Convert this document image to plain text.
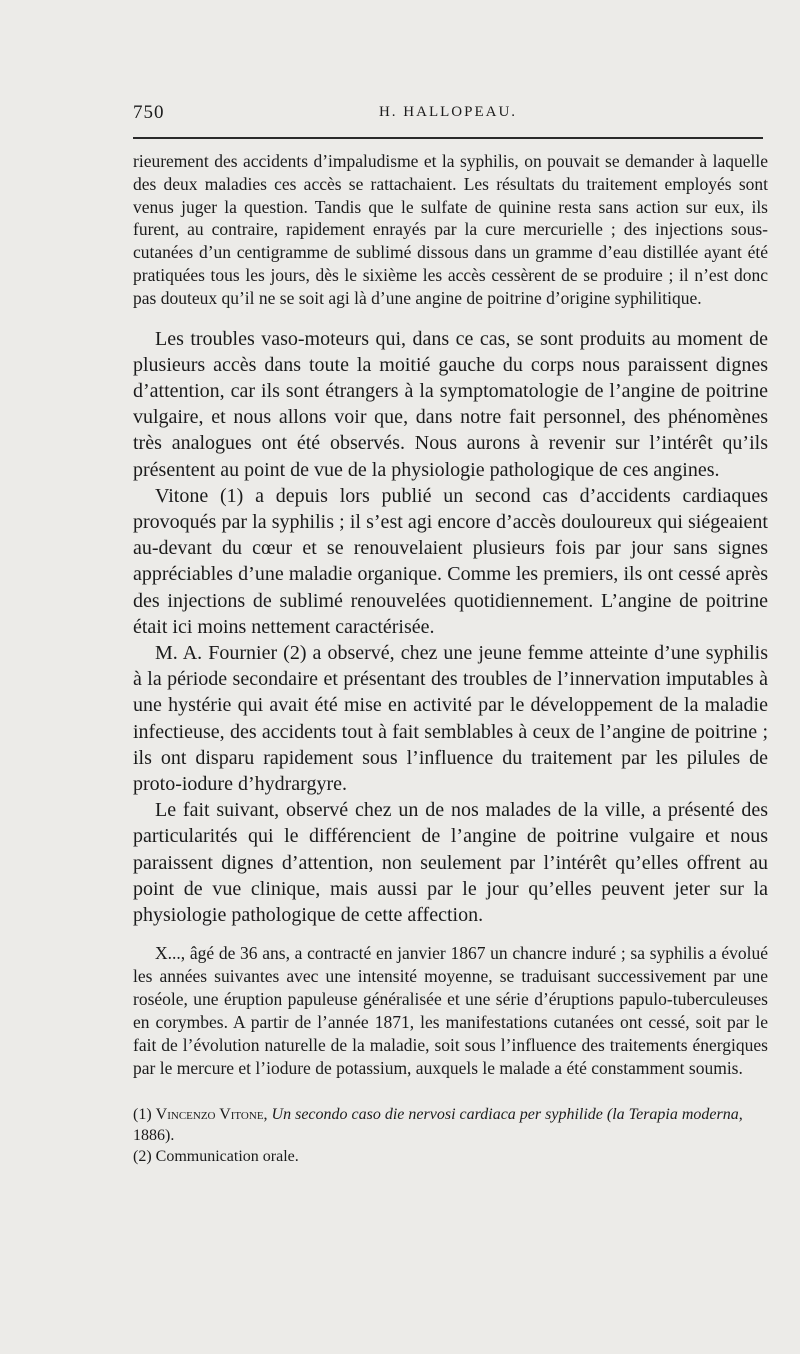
750	H. HALLOPEAU.

rieurement des accidents d’impaludisme et la syphilis, on pouvait se demander à laquelle des deux maladies ces accès se rattachaient. Les résultats du traitement employés sont venus juger la question. Tandis que le sulfate de quinine resta sans action sur eux, ils furent, au contraire, rapidement enrayés par la cure mercurielle ; des injections sous-cutanées d’un centigramme de sublimé dissous dans un gramme d’eau distillée ayant été pratiquées tous les jours, dès le sixième les accès cessèrent de se produire ; il n’est donc pas douteux qu’il ne se soit agi là d’une angine de poitrine d’origine syphilitique.

Les troubles vaso-moteurs qui, dans ce cas, se sont produits au moment de plusieurs accès dans toute la moitié gauche du corps nous paraissent dignes d’attention, car ils sont étrangers à la symptomatologie de l’angine de poitrine vulgaire, et nous allons voir que, dans notre fait personnel, des phénomènes très analogues ont été observés. Nous aurons à revenir sur l’intérêt qu’ils présentent au point de vue de la physiologie pathologique de ces angines.

Vitone (1) a depuis lors publié un second cas d’accidents cardiaques provoqués par la syphilis ; il s’est agi encore d’accès douloureux qui siégeaient au-devant du cœur et se renouvelaient plusieurs fois par jour sans signes appréciables d’une maladie organique. Comme les premiers, ils ont cessé après des injections de sublimé renouvelées quotidiennement. L’angine de poitrine était ici moins nettement caractérisée.

M. A. Fournier (2) a observé, chez une jeune femme atteinte d’une syphilis à la période secondaire et présentant des troubles de l’innervation imputables à une hystérie qui avait été mise en activité par le développement de la maladie infectieuse, des accidents tout à fait semblables à ceux de l’angine de poitrine ; ils ont disparu rapidement sous l’influence du traitement par les pilules de proto-iodure d’hydrargyre.

Le fait suivant, observé chez un de nos malades de la ville, a présenté des particularités qui le différencient de l’angine de poitrine vulgaire et nous paraissent dignes d’attention, non seulement par l’intérêt qu’elles offrent au point de vue clinique, mais aussi par le jour qu’elles peuvent jeter sur la physiologie pathologique de cette affection.

X..., âgé de 36 ans, a contracté en janvier 1867 un chancre induré ; sa syphilis a évolué les années suivantes avec une intensité moyenne, se traduisant successivement par une roséole, une éruption papuleuse généralisée et une série d’éruptions papulo-tuberculeuses en corymbes. A partir de l’année 1871, les manifestations cutanées ont cessé, soit par le fait de l’évolution naturelle de la maladie, soit sous l’influence des traitements énergiques par le mercure et l’iodure de potassium, auxquels le malade a été constamment soumis.

(1) Vincenzo Vitone, Un secondo caso die nervosi cardiaca per syphilide (la Terapia moderna, 1886).
(2) Communication orale.
